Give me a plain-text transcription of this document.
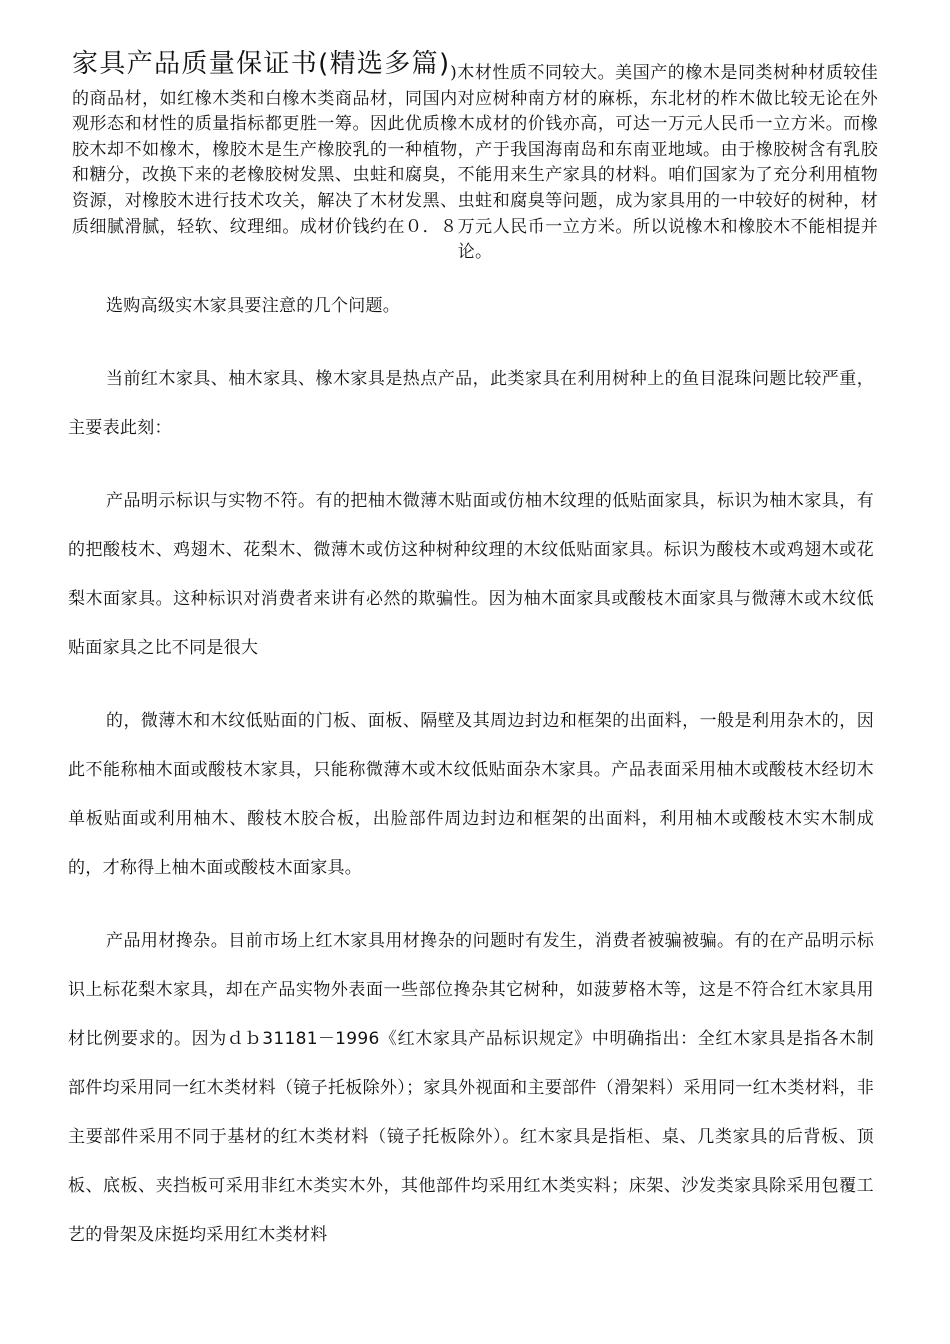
家具产品质量保证书(精选多篇))木材性质不同较大。美国产的橡木是同类树种材质较佳的商品材，如红橡木类和白橡木类商品材，同国内对应树种南方材的麻栎，东北材的柞木做比较无论在外观形态和材性的质量指标都更胜一筹。因此优质橡木成材的价钱亦高，可达一万元人民币一立方米。而橡胶木却不如橡木，橡胶木是生产橡胶乳的一种植物，产于我国海南岛和东南亚地域。由于橡胶树含有乳胶和糖分，改换下来的老橡胶树发黑、虫蛀和腐臭，不能用来生产家具的材料。咱们国家为了充分利用植物资源，对橡胶木进行技术攻关，解决了木材发黑、虫蛀和腐臭等问题，成为家具用的一中较好的树种，材质细腻滑腻，轻软、纹理细。成材价钱约在０．８万元人民币一立方米。所以说橡木和橡胶木不能相提并论。

选购高级实木家具要注意的几个问题。

当前红木家具、柚木家具、橡木家具是热点产品，此类家具在利用树种上的鱼目混珠问题比较严重，主要表此刻：

产品明示标识与实物不符。有的把柚木微薄木贴面或仿柚木纹理的低贴面家具，标识为柚木家具，有的把酸枝木、鸡翅木、花梨木、微薄木或仿这种树种纹理的木纹低贴面家具。标识为酸枝木或鸡翅木或花梨木面家具。这种标识对消费者来讲有必然的欺骗性。因为柚木面家具或酸枝木面家具与微薄木或木纹低贴面家具之比不同是很大

的，微薄木和木纹低贴面的门板、面板、隔壁及其周边封边和框架的出面料，一般是利用杂木的，因此不能称柚木面或酸枝木家具，只能称微薄木或木纹低贴面杂木家具。产品表面采用柚木或酸枝木经切木单板贴面或利用柚木、酸枝木胶合板，出脸部件周边封边和框架的出面料，利用柚木或酸枝木实木制成的，才称得上柚木面或酸枝木面家具。

产品用材搀杂。目前市场上红木家具用材搀杂的问题时有发生，消费者被骗被骗。有的在产品明示标识上标花梨木家具，却在产品实物外表面一些部位搀杂其它树种，如菠萝格木等，这是不符合红木家具用材比例要求的。因为ｄｂ31181－1996《红木家具产品标识规定》中明确指出：全红木家具是指各木制部件均采用同一红木类材料（镜子托板除外）；家具外视面和主要部件（滑架料）采用同一红木类材料，非主要部件采用不同于基材的红木类材料（镜子托板除外）。红木家具是指柜、桌、几类家具的后背板、顶板、底板、夹挡板可采用非红木类实木外，其他部件均采用红木类实料；床架、沙发类家具除采用包覆工艺的骨架及床挺均采用红木类材料
